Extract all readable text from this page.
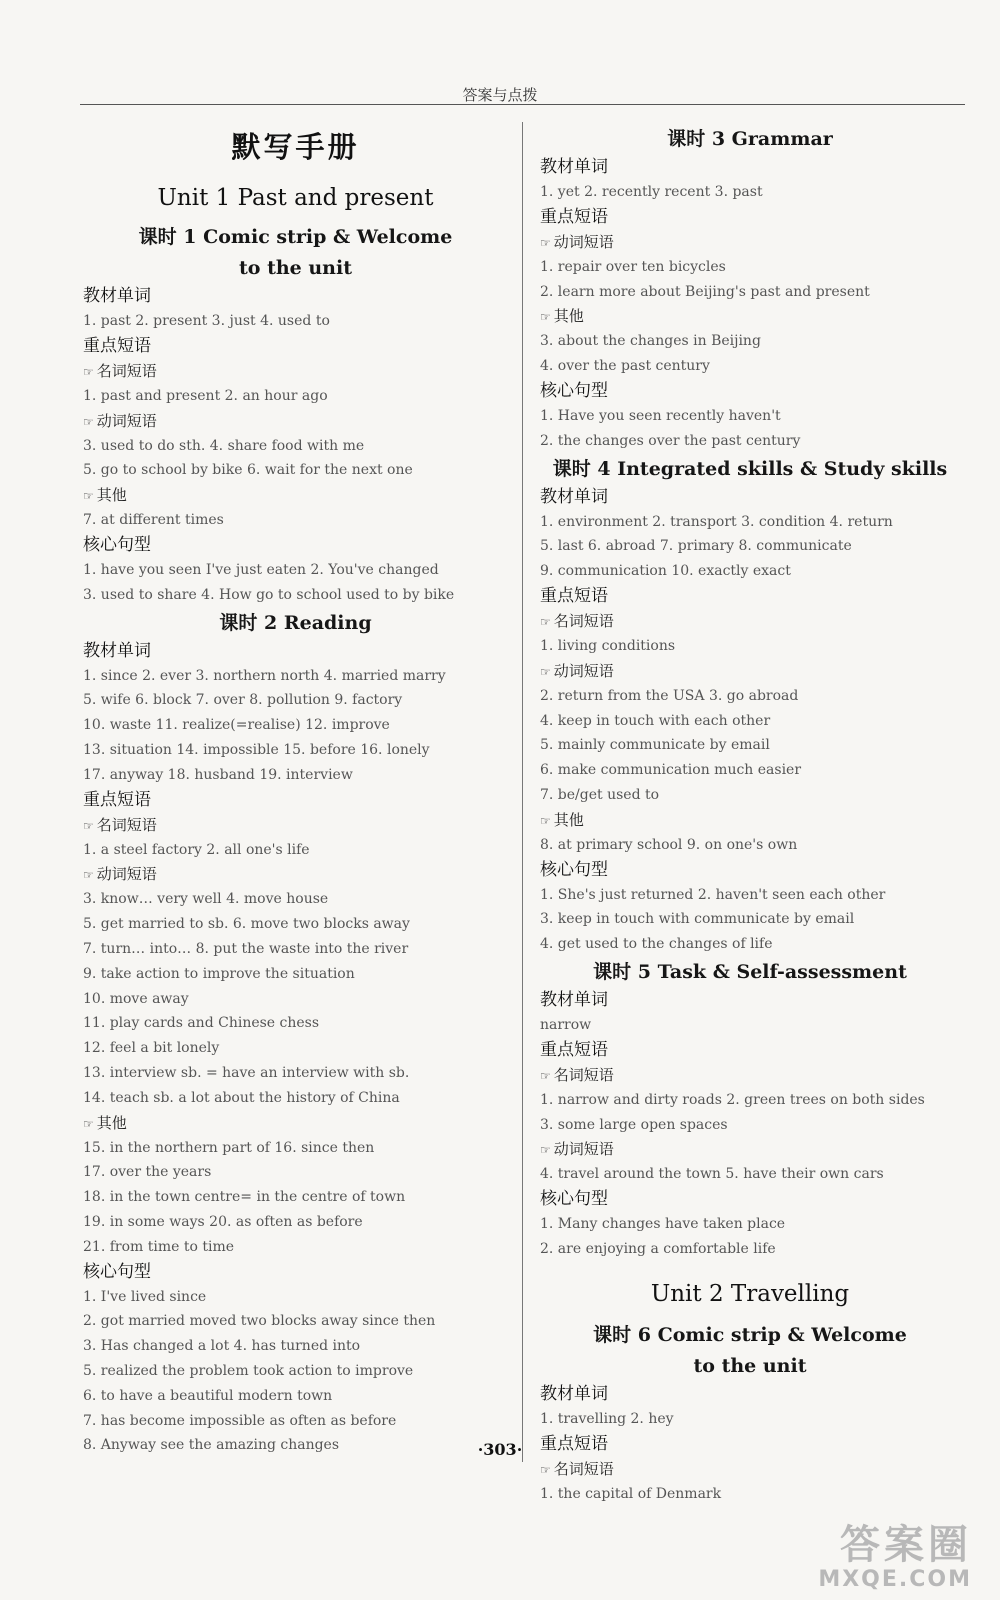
答案与点拨
默写手册
Unit 1 Past and present
课时 1 Comic strip & Welcome
to the unit
教材单词
1. past 2. present 3. just 4. used to
重点短语
☞ 名词短语
1. past and present 2. an hour ago
☞ 动词短语
3. used to do sth. 4. share food with me
5. go to school by bike 6. wait for the next one
☞ 其他
7. at different times
核心句型
1. have you seen I've just eaten 2. You've changed
3. used to share 4. How go to school used to by bike
课时 2 Reading
教材单词
1. since 2. ever 3. northern north 4. married marry
5. wife 6. block 7. over 8. pollution 9. factory
10. waste 11. realize(=realise) 12. improve
13. situation 14. impossible 15. before 16. lonely
17. anyway 18. husband 19. interview
重点短语
☞ 名词短语
1. a steel factory 2. all one's life
☞ 动词短语
3. know… very well 4. move house
5. get married to sb. 6. move two blocks away
7. turn… into… 8. put the waste into the river
9. take action to improve the situation
10. move away
11. play cards and Chinese chess
12. feel a bit lonely
13. interview sb. = have an interview with sb.
14. teach sb. a lot about the history of China
☞ 其他
15. in the northern part of 16. since then
17. over the years
18. in the town centre= in the centre of town
19. in some ways 20. as often as before
21. from time to time
核心句型
1. I've lived since
2. got married moved two blocks away since then
3. Has changed a lot 4. has turned into
5. realized the problem took action to improve
6. to have a beautiful modern town
7. has become impossible as often as before
8. Anyway see the amazing changes
课时 3 Grammar
教材单词
1. yet 2. recently recent 3. past
重点短语
☞ 动词短语
1. repair over ten bicycles
2. learn more about Beijing's past and present
☞ 其他
3. about the changes in Beijing
4. over the past century
核心句型
1. Have you seen recently haven't
2. the changes over the past century
课时 4 Integrated skills & Study skills
教材单词
1. environment 2. transport 3. condition 4. return
5. last 6. abroad 7. primary 8. communicate
9. communication 10. exactly exact
重点短语
☞ 名词短语
1. living conditions
☞ 动词短语
2. return from the USA 3. go abroad
4. keep in touch with each other
5. mainly communicate by email
6. make communication much easier
7. be/get used to
☞ 其他
8. at primary school 9. on one's own
核心句型
1. She's just returned 2. haven't seen each other
3. keep in touch with communicate by email
4. get used to the changes of life
课时 5 Task & Self-assessment
教材单词
narrow
重点短语
☞ 名词短语
1. narrow and dirty roads 2. green trees on both sides
3. some large open spaces
☞ 动词短语
4. travel around the town 5. have their own cars
核心句型
1. Many changes have taken place
2. are enjoying a comfortable life
Unit 2 Travelling
课时 6 Comic strip & Welcome
to the unit
教材单词
1. travelling 2. hey
重点短语
☞ 名词短语
1. the capital of Denmark
·303·
答案圈
MXQE.COM
